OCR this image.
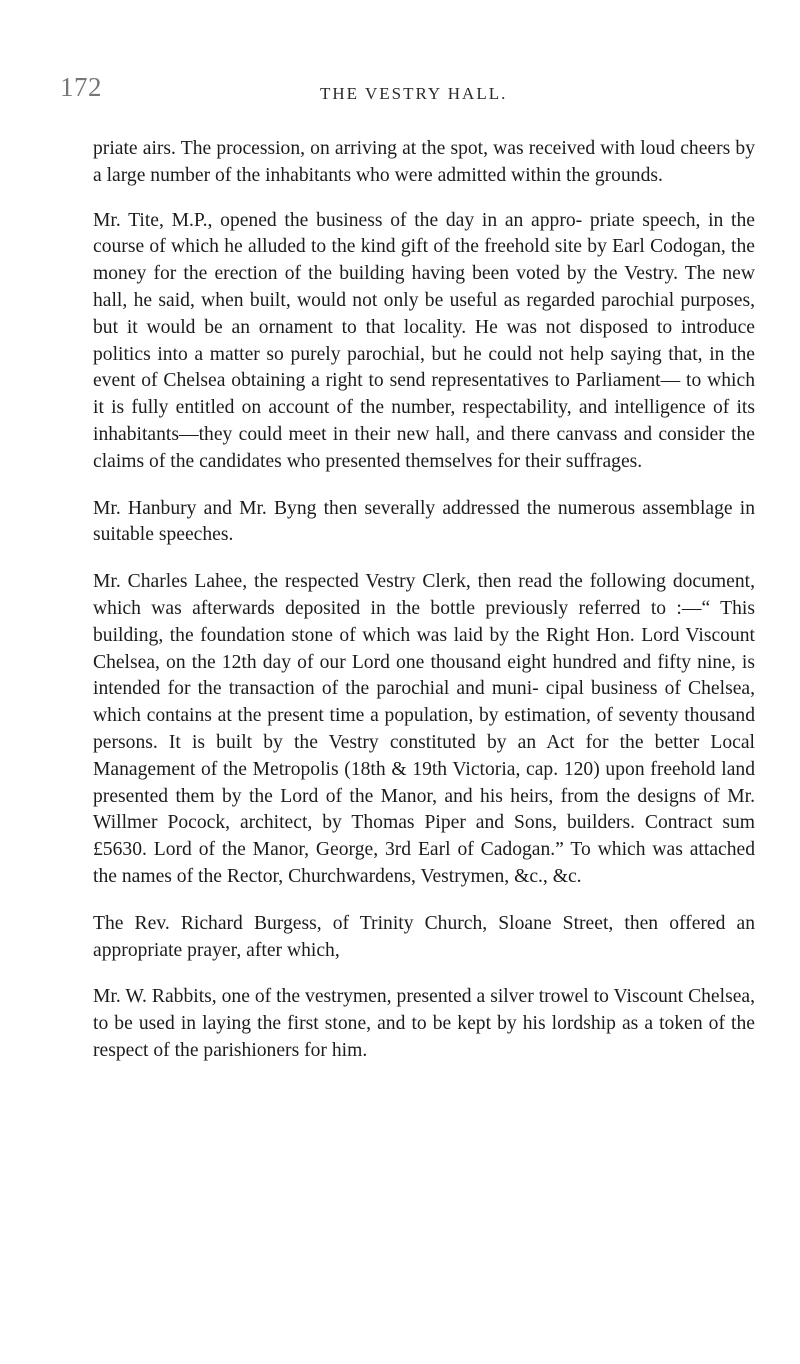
172	THE VESTRY HALL.

priate airs. The procession, on arriving at the spot, was received with loud cheers by a large number of the inhabitants who were admitted within the grounds.

Mr. Tite, M.P., opened the business of the day in an appro- priate speech, in the course of which he alluded to the kind gift of the freehold site by Earl Codogan, the money for the erection of the building having been voted by the Vestry. The new hall, he said, when built, would not only be useful as regarded parochial purposes, but it would be an ornament to that locality. He was not disposed to introduce politics into a matter so purely parochial, but he could not help saying that, in the event of Chelsea obtaining a right to send representatives to Parliament— to which it is fully entitled on account of the number, respectability, and intelligence of its inhabitants—they could meet in their new hall, and there canvass and consider the claims of the candidates who presented themselves for their suffrages.

Mr. Hanbury and Mr. Byng then severally addressed the numerous assemblage in suitable speeches.

Mr. Charles Lahee, the respected Vestry Clerk, then read the following document, which was afterwards deposited in the bottle previously referred to :—“ This building, the foundation stone of which was laid by the Right Hon. Lord Viscount Chelsea, on the 12th day of our Lord one thousand eight hundred and fifty nine, is intended for the transaction of the parochial and muni- cipal business of Chelsea, which contains at the present time a population, by estimation, of seventy thousand persons. It is built by the Vestry constituted by an Act for the better Local Management of the Metropolis (18th & 19th Victoria, cap. 120) upon freehold land presented them by the Lord of the Manor, and his heirs, from the designs of Mr. Willmer Pocock, architect, by Thomas Piper and Sons, builders. Contract sum £5630. Lord of the Manor, George, 3rd Earl of Cadogan.” To which was attached the names of the Rector, Churchwardens, Vestrymen, &c., &c.

The Rev. Richard Burgess, of Trinity Church, Sloane Street, then offered an appropriate prayer, after which,

Mr. W. Rabbits, one of the vestrymen, presented a silver trowel to Viscount Chelsea, to be used in laying the first stone, and to be kept by his lordship as a token of the respect of the parishioners for him.
